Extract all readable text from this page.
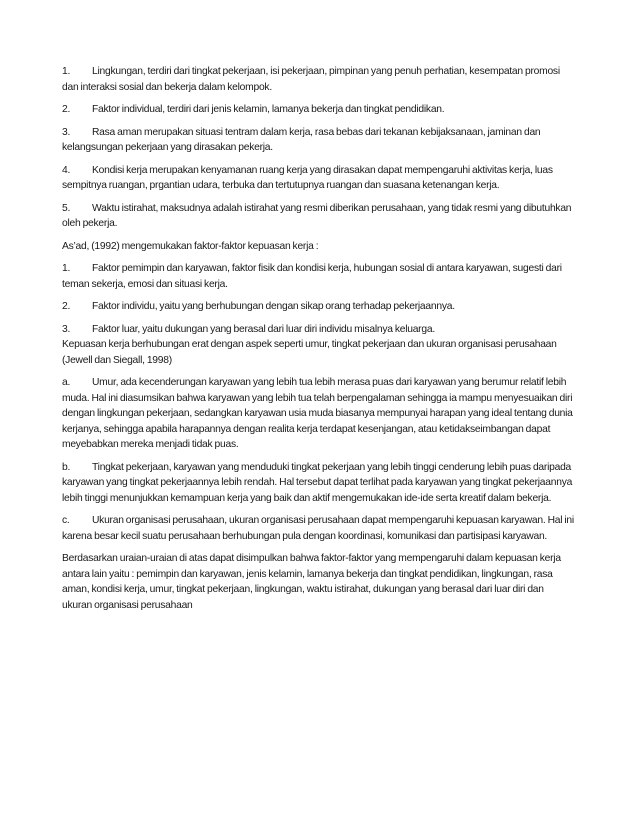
1. Lingkungan, terdiri dari tingkat pekerjaan, isi pekerjaan, pimpinan yang penuh perhatian, kesempatan promosi dan interaksi sosial dan bekerja dalam kelompok.

2. Faktor individual, terdiri dari jenis kelamin, lamanya bekerja dan tingkat pendidikan.

3. Rasa aman merupakan situasi tentram dalam kerja, rasa bebas dari tekanan kebijaksanaan, jaminan dan kelangsungan pekerjaan yang dirasakan pekerja.

4. Kondisi kerja merupakan kenyamanan ruang kerja yang dirasakan dapat mempengaruhi aktivitas kerja, luas sempitnya ruangan, prgantian udara, terbuka dan tertutupnya ruangan dan suasana ketenangan kerja.

5. Waktu istirahat, maksudnya adalah istirahat yang resmi diberikan perusahaan, yang tidak resmi yang dibutuhkan oleh pekerja.

As’ad, (1992) mengemukakan faktor-faktor kepuasan kerja :

1. Faktor pemimpin dan karyawan, faktor fisik dan kondisi kerja, hubungan sosial di antara karyawan, sugesti dari teman sekerja, emosi dan situasi kerja.

2. Faktor individu, yaitu yang berhubungan dengan sikap orang terhadap pekerjaannya.

3. Faktor luar, yaitu dukungan yang berasal dari luar diri individu misalnya keluarga.

Kepuasan kerja berhubungan erat dengan aspek seperti umur, tingkat pekerjaan dan ukuran organisasi perusahaan (Jewell dan Siegall, 1998)

a. Umur, ada kecenderungan karyawan yang lebih tua lebih merasa puas dari karyawan yang berumur relatif lebih muda. Hal ini diasumsikan bahwa karyawan yang lebih tua telah berpengalaman sehingga ia mampu menyesuaikan diri dengan lingkungan pekerjaan, sedangkan karyawan usia muda biasanya mempunyai harapan yang ideal tentang dunia kerjanya, sehingga apabila harapannya dengan realita kerja terdapat kesenjangan, atau ketidakseimbangan dapat meyebabkan mereka menjadi tidak puas.

b. Tingkat pekerjaan, karyawan yang menduduki tingkat pekerjaan yang lebih tinggi cenderung lebih puas daripada karyawan yang tingkat pekerjaannya lebih rendah. Hal tersebut dapat terlihat pada karyawan yang tingkat pekerjaannya lebih tinggi menunjukkan kemampuan kerja yang baik dan aktif mengemukakan ide-ide serta kreatif dalam bekerja.

c. Ukuran organisasi perusahaan, ukuran organisasi perusahaan dapat mempengaruhi kepuasan karyawan. Hal ini karena besar kecil suatu perusahaan berhubungan pula dengan koordinasi, komunikasi dan partisipasi karyawan.

Berdasarkan uraian-uraian di atas dapat disimpulkan bahwa faktor-faktor yang mempengaruhi dalam kepuasan kerja antara lain yaitu : pemimpin dan karyawan, jenis kelamin, lamanya bekerja dan tingkat pendidikan, lingkungan, rasa aman, kondisi kerja, umur, tingkat pekerjaan, lingkungan, waktu istirahat, dukungan yang berasal dari luar diri dan ukuran organisasi perusahaan
